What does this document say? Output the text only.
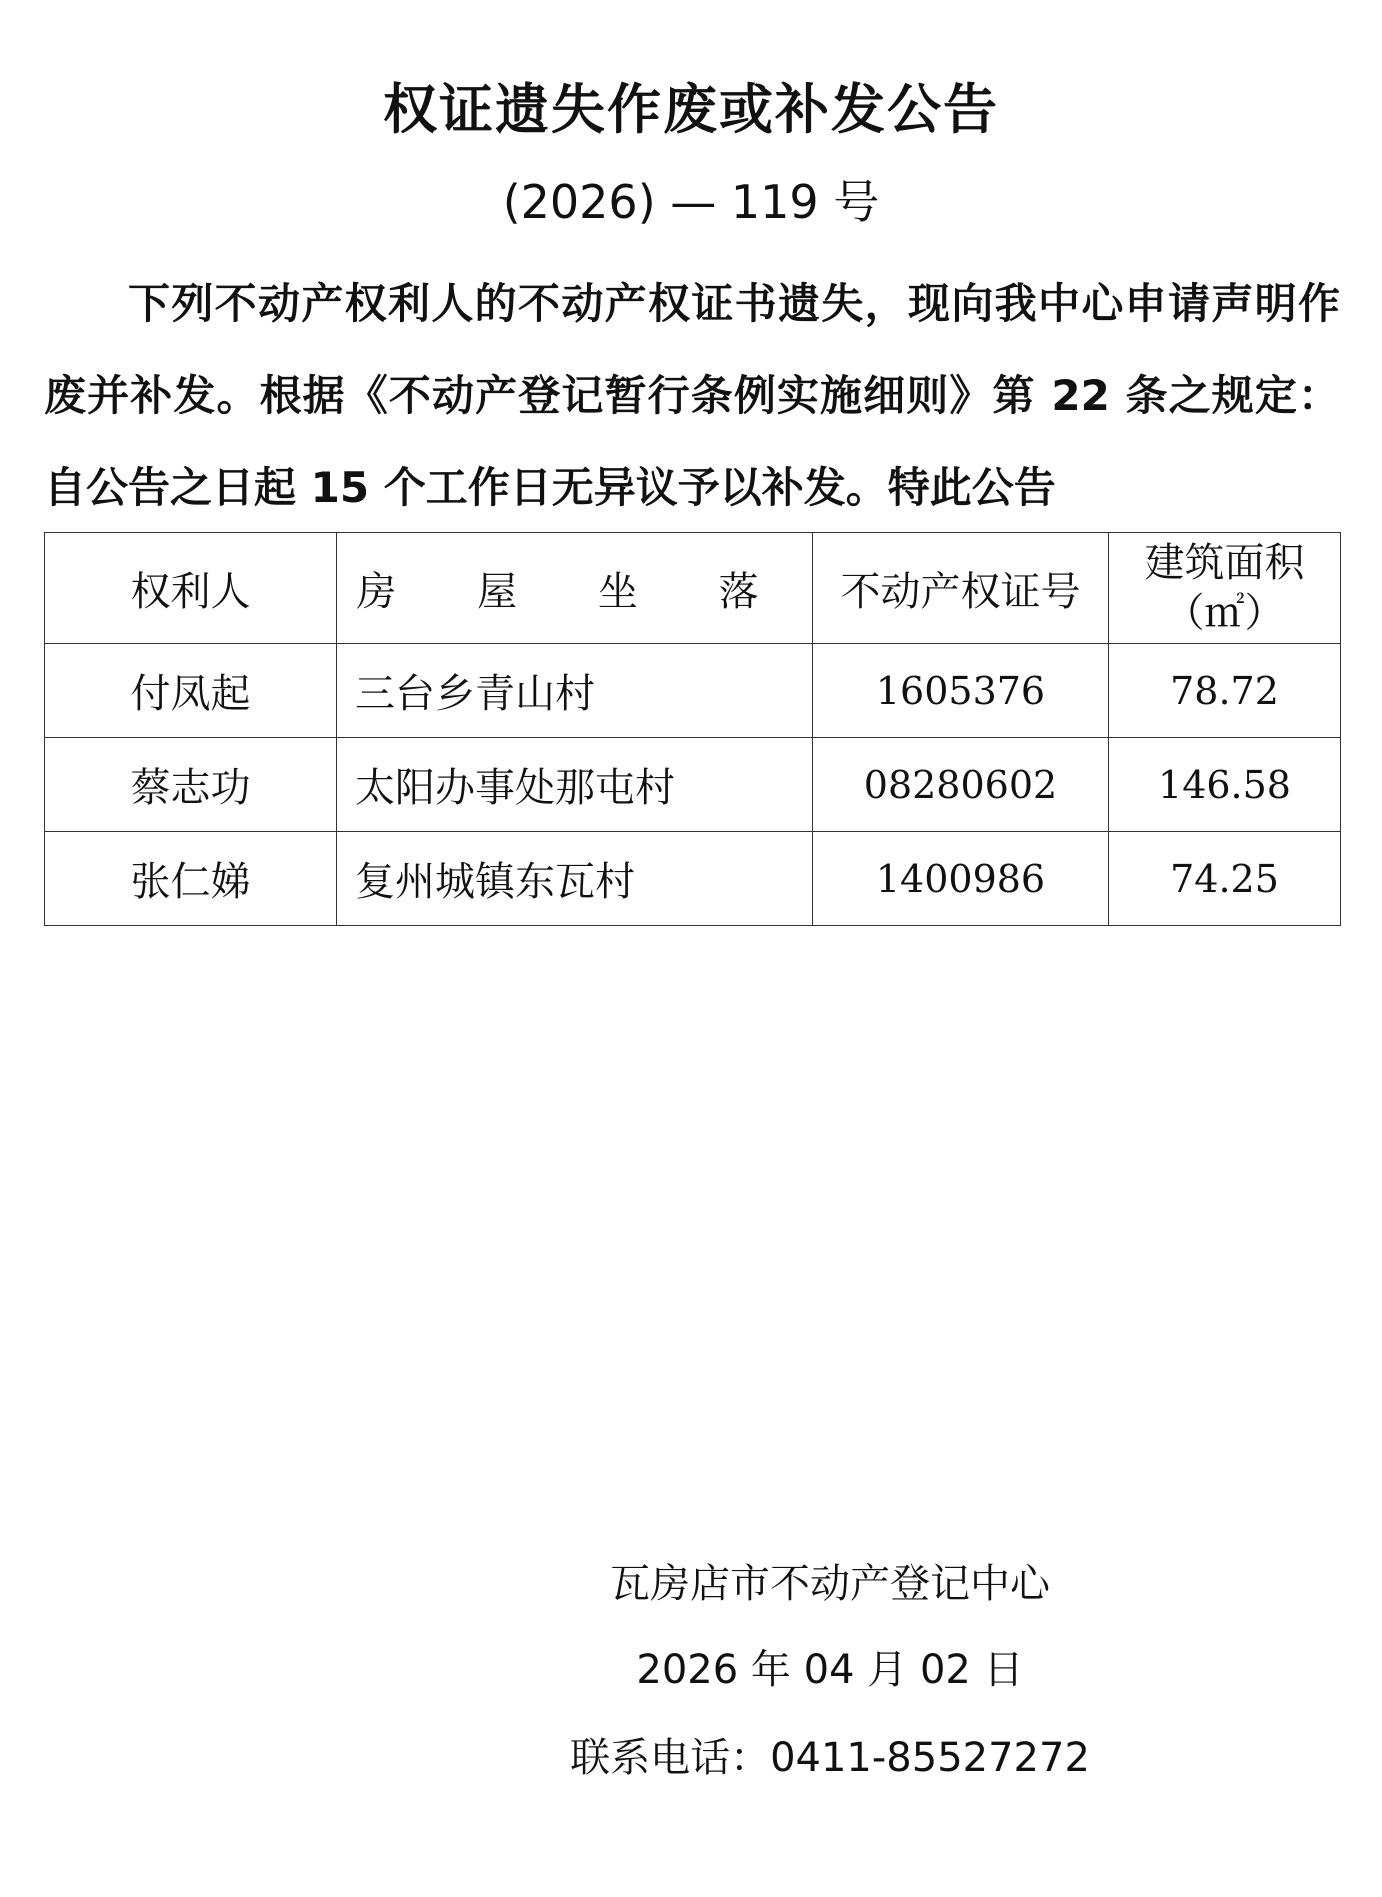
权证遗失作废或补发公告
(2026) — 119 号
下列不动产权利人的不动产权证书遗失，现向我中心申请声明作废并补发。根据《不动产登记暂行条例实施细则》第 22 条之规定：自公告之日起 15 个工作日无异议予以补发。特此公告
权利人	房 屋 坐 落	不动产权证号	建筑面积（㎡）
付凤起	三台乡青山村	1605376	78.72
蔡志功	太阳办事处那屯村	08280602	146.58
张仁娣	复州城镇东瓦村	1400986	74.25
瓦房店市不动产登记中心
2026 年 04 月 02 日
联系电话：0411-85527272
